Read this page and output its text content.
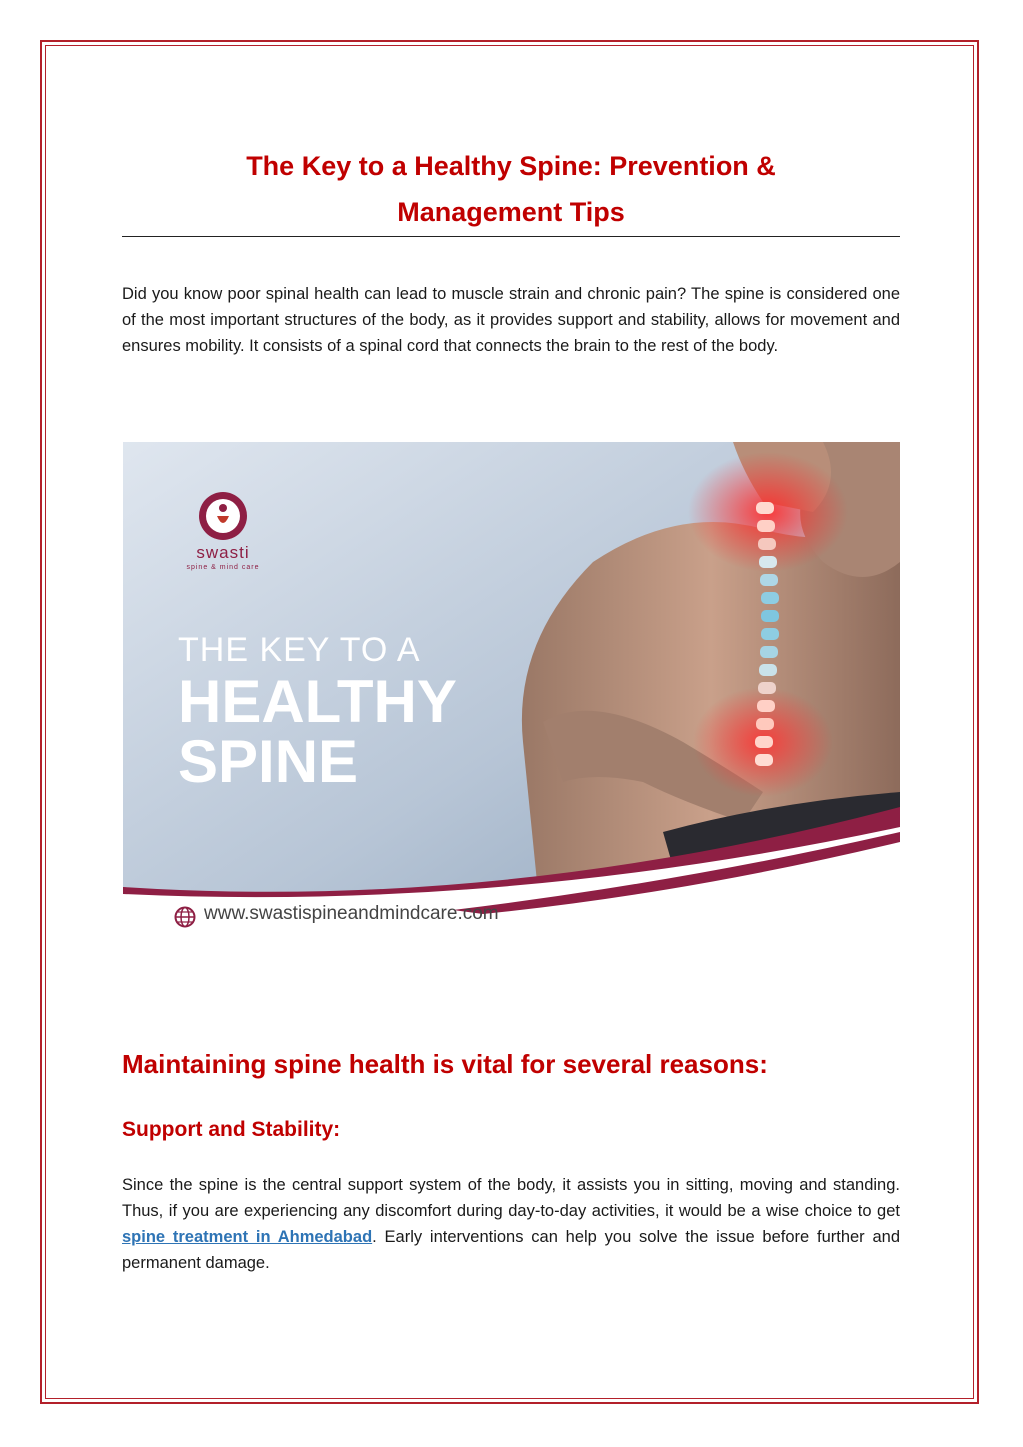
The Key to a Healthy Spine: Prevention &
Management Tips

Did you know poor spinal health can lead to muscle strain and chronic pain? The spine is considered one of the most important structures of the body, as it provides support and stability, allows for movement and ensures mobility. It consists of a spinal cord that connects the brain to the rest of the body.

swasti
spine & mind care
THE KEY TO A
HEALTHY
SPINE
www.swastispineandmindcare.com
Maintaining spine health is vital for several reasons:
Support and Stability:

Since the spine is the central support system of the body, it assists you in sitting, moving and standing. Thus, if you are experiencing any discomfort during day-to-day activities, it would be a wise choice to get spine treatment in Ahmedabad. Early interventions can help you solve the issue before further and permanent damage.
